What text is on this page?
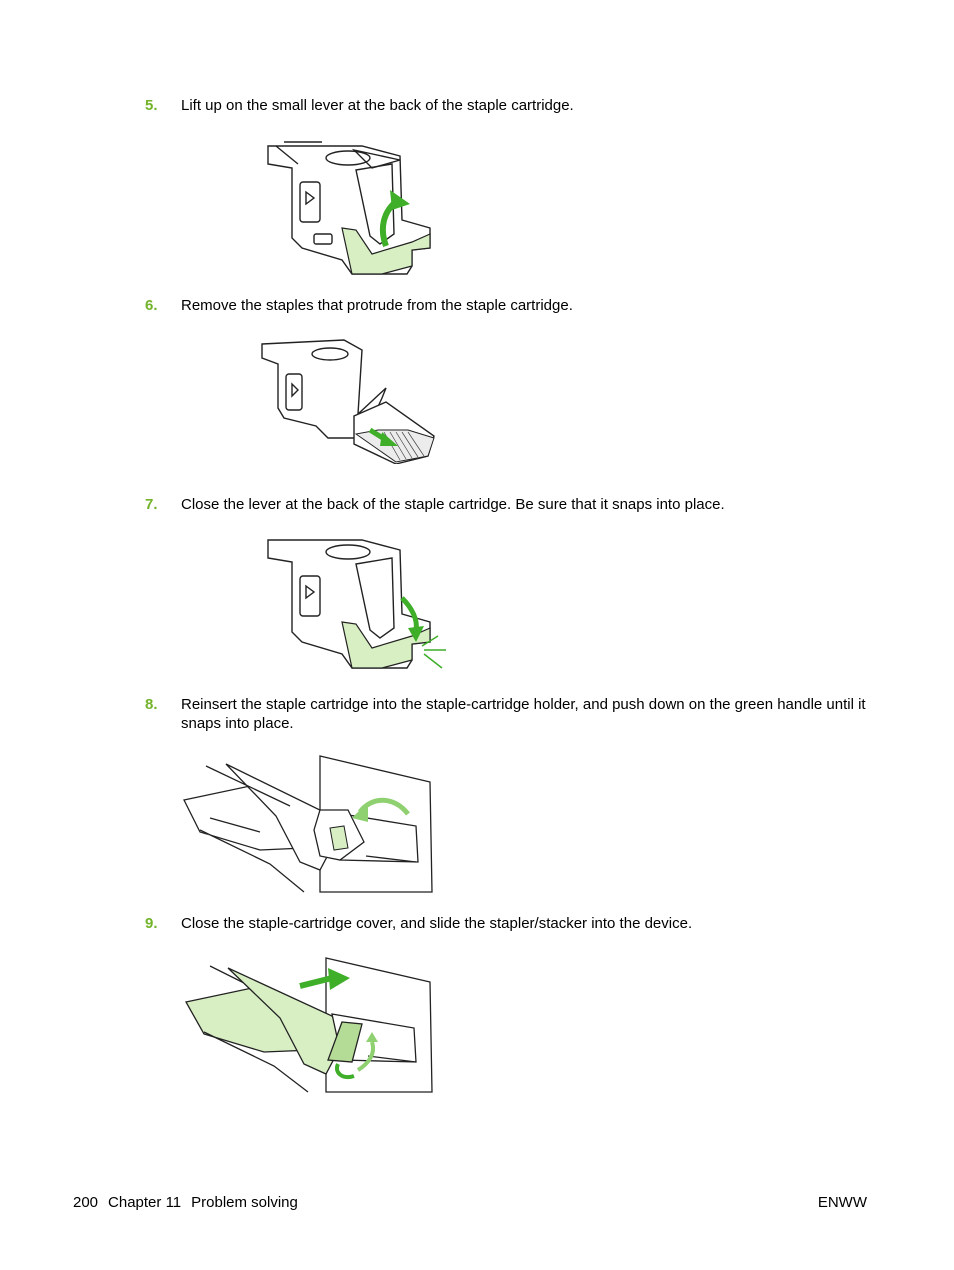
5. Lift up on the small lever at the back of the staple cartridge.
6. Remove the staples that protrude from the staple cartridge.
7. Close the lever at the back of the staple cartridge. Be sure that it snaps into place.
8. Reinsert the staple cartridge into the staple-cartridge holder, and push down on the green handle until it snaps into place.
9. Close the staple-cartridge cover, and slide the stapler/stacker into the device.
200 Chapter 11 Problem solving	ENWW
